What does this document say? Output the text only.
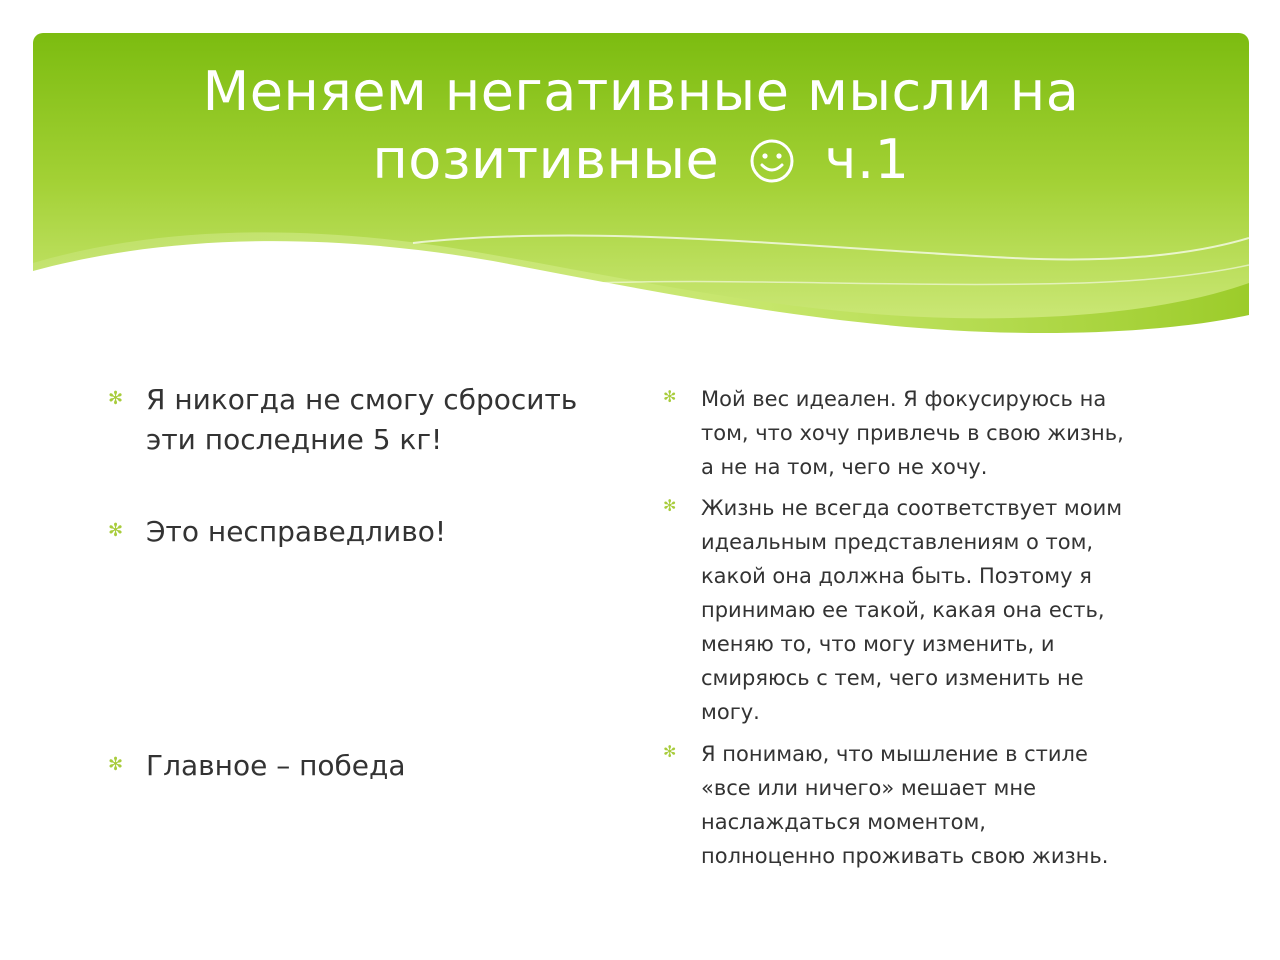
Меняем негативные мысли на
позитивные ч.1
✻ Я никогда не смогу сбросить
эти последние 5 кг!
✻ Это несправедливо!
✻ Главное – победа
✻	Мой вес идеален. Я фокусируюсь на
том, что хочу привлечь в свою жизнь,
а не на том, чего не хочу.
✻	Жизнь не всегда соответствует моим
идеальным представлениям о том,
какой она должна быть. Поэтому я
принимаю ее такой, какая она есть,
меняю то, что могу изменить, и
смиряюсь с тем, чего изменить не
могу.
✻	Я понимаю, что мышление в стиле
«все или ничего» мешает мне
наслаждаться моментом,
полноценно проживать свою жизнь.
